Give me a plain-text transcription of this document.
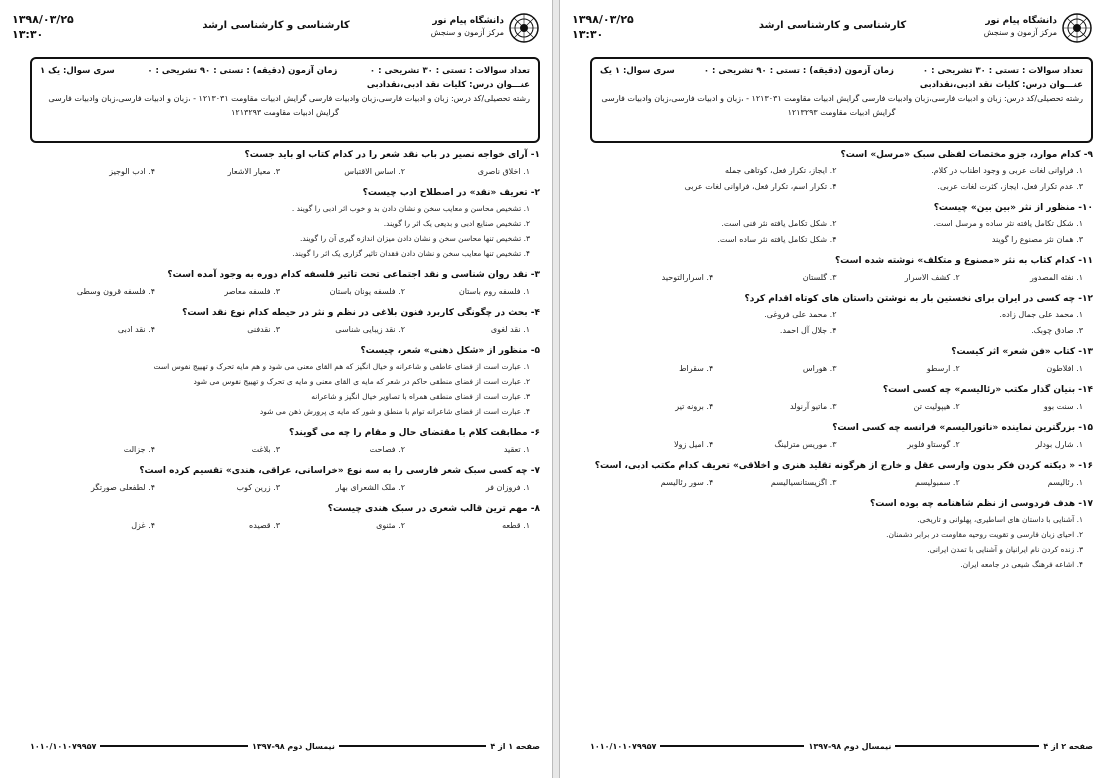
۱۳۹۸/۰۳/۲۵
۱۳:۳۰
کارشناسی و کارشناسی ارشد	دانشگاه پیام نور
مرکز آزمون و سنجش
تعداد سوالات : تستی : ۳۰ تشریحی : ۰
زمان آزمون (دقیقه) : تستی : ۹۰ تشریحی : ۰
سری سوال: یک ۱
عنـــوان درس: کلیات نقد ادبی،نقدادبی
رشته تحصیلی/کد درس: زبان و ادبیات فارسی،زبان وادبیات فارسی گرایش ادبیات مقاومت ۱۲۱۳۰۳۱ - ،زبان و ادبیات فارسی،زبان وادبیات فارسی
گرایش ادبیات مقاومت ۱۲۱۳۲۹۳
۱- آرای خواجه نصیر در باب نقد شعر را در کدام کتاب او باید جست؟
۱. اخلاق ناصری
۲. اساس الاقتباس
۳. معیار الاشعار
۴. ادب الوجیز
۲- تعریف «نقد» در اصطلاح ادب چیست؟
۱. تشخیص محاسن و معایب سخن و نشان دادن بد و خوب اثر ادبی را گویند .
۲. تشخیص صنایع ادبی و بدیعی یک اثر را گویند.
۳. تشخیص تنها محاسن سخن و نشان دادن میزان اندازه گیری آن را گویند.
۴. تشخیص تنها معایب سخن و نشان دادن فقدان تاثیر گزاری یک اثر را گویند.
۳- نقد روان شناسی و نقد اجتماعی تحت تاثیر فلسفه کدام دوره به وجود آمده است؟
۱. فلسفه روم باستان
۲. فلسفه یونان باستان
۳. فلسفه معاصر
۴. فلسفه قرون وسطی
۴- بحث در چگونگی کاربرد فنون بلاغی در نظم و نثر در حیطه کدام نوع نقد است؟
۱. نقد لغوی
۲. نقد زیبایی شناسی
۳. نقدفنی
۴. نقد ادبی
۵- منظور از «شکل ذهنی» شعر، چیست؟
۱. عبارت است از فضای عاطفی و شاعرانه و خیال انگیز که هم القای معنی می شود و هم مایه تحرک و تهییج نفوس است
۲. عبارت است از فضای منطقی حاکم در شعر که مایه ی القای معنی و مایه ی تحرک و تهییج نفوس می شود
۳. عبارت است از فضای منطقی همراه با تصاویر خیال انگیز و شاعرانه
۴. عبارت است از فضای شاعرانه توام با منطق و شور که مایه ی پرورش ذهن می شود
۶- مطابقت کلام با مقتضای حال و مقام را چه می گویند؟
۱. تعقید
۲. فصاحت
۳. بلاغت
۴. جزالت
۷- چه کسی سبک شعر فارسی را به سه نوع «خراسانی، عراقی، هندی» تقسیم کرده است؟
۱. فروزان فر
۲. ملک الشعرای بهار
۳. زرین کوب
۴. لطفعلی صورتگر
۸- مهم ترین قالب شعری در سبک هندی چیست؟
۱. قطعه
۲. مثنوی
۳. قصیده
۴. غزل
صفحه ۱ از ۴
نیمسال دوم ۹۸-۱۳۹۷
۱۰۱۰/۱۰۱۰۷۹۹۵۷
۱۳۹۸/۰۳/۲۵
۱۳:۳۰
کارشناسی و کارشناسی ارشد	دانشگاه پیام نور
مرکز آزمون و سنجش
تعداد سوالات : تستی : ۳۰ تشریحی : ۰
زمان آزمون (دقیقه) : تستی : ۹۰ تشریحی : ۰
سری سوال: ۱ یک
عنـــوان درس: کلیات نقد ادبی،نقدادبی
رشته تحصیلی/کد درس: زبان و ادبیات فارسی،زبان وادبیات فارسی گرایش ادبیات مقاومت ۱۲۱۳۰۳۱ - ،زبان و ادبیات فارسی،زبان وادبیات فارسی
گرایش ادبیات مقاومت ۱۲۱۳۲۹۳
۹- کدام موارد، جزو مختصات لفظی سبک «مرسل» است؟
۱. فراوانی لغات عربی و وجود اطناب در کلام.
۲. ایجاز، تکرار فعل، کوتاهی جمله
۳. عدم تکرار فعل، ایجاز، کثرت لغات عربی.
۴. تکرار اسم، تکرار فعل، فراوانی لغات عربی
۱۰- منظور از نثر «بین بین» چیست؟
۱. شکل تکامل یافته نثر ساده و مرسل است.
۲. شکل تکامل یافته نثر فنی است.
۳. همان نثر مصنوع را گویند
۴. شکل تکامل یافته نثر ساده است.
۱۱- کدام کتاب به نثر «مصنوع و متکلف» نوشته شده است؟
۱. نفثه المصدور
۲. کشف الاسرار
۳. گلستان
۴. اسرارالتوحید
۱۲- چه کسی در ایران برای نخستین بار به نوشتن داستان های کوتاه اقدام کرد؟
۱. محمد علی جمال زاده.
۲. محمد علی فروغی.
۳. صادق چوبک.
۴. جلال آل احمد.
۱۳- کتاب «فن شعر» اثر کیست؟
۱. افلاطون
۲. ارسطو
۳. هوراس
۴. سقراط
۱۴- بنیان گذار مکتب «رئالیسم» چه کسی است؟
۱. سنت بوو
۲. هیپولیت تن
۳. ماتیو آرنولد
۴. برونه تیر
۱۵- بزرگترین نماینده «ناتورالیسم» فرانسه چه کسی است؟
۱. شارل بودلر
۲. گوستاو فلوبر
۳. موریس مترلینگ
۴. امیل زولا
۱۶- « دیکته کردن فکر بدون وارسی عقل و خارج از هرگونه تقلید هنری و اخلاقی» تعریف کدام مکتب ادبی، است؟
۱. رئالیسم
۲. سمبولیسم
۳. اگزیستانسیالیسم
۴. سور رئالیسم
۱۷- هدف فردوسی از نظم شاهنامه چه بوده است؟
۱. آشنایی با داستان های اساطیری، پهلوانی و تاریخی.
۲. احیای زبان فارسی و تقویت روحیه مقاومت در برابر دشمنان.
۳. زنده کردن نام ایرانیان و آشنایی با تمدن ایرانی.
۴. اشاعه فرهنگ شیعی در جامعه ایران.
صفحه ۲ از ۴
نیمسال دوم ۹۸-۱۳۹۷
۱۰۱۰/۱۰۱۰۷۹۹۵۷
